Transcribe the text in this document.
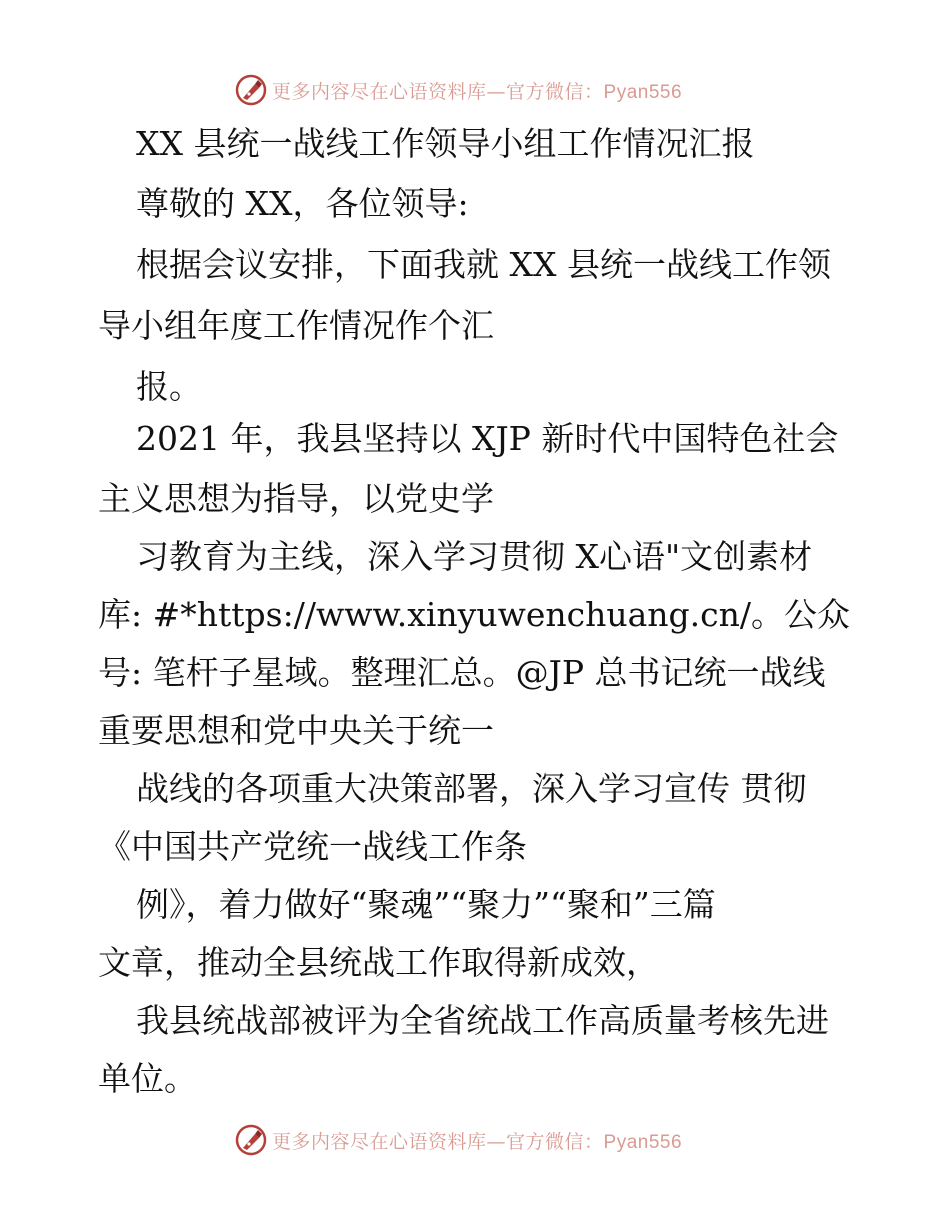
更多内容尽在心语资料库—官方微信：Pyan556
XX 县统一战线工作领导小组工作情况汇报
尊敬的 XX，各位领导:
根据会议安排，下面我就 XX 县统一战线工作领
导小组年度工作情况作个汇
报。
2021 年，我县坚持以 XJP 新时代中国特色社会
主义思想为指导，以党史学
习教育为主线，深入学习贯彻 X心语"文创素材
库: #*https://www.xinyuwenchuang.cn/。公众
号: 笔杆子星域。整理汇总。@JP 总书记统一战线
重要思想和党中央关于统一
战线的各项重大决策部署，深入学习宣传 贯彻
《中国共产党统一战线工作条
例》，着力做好“聚魂”“聚力”“聚和”三篇
文章，推动全县统战工作取得新成效，
我县统战部被评为全省统战工作高质量考核先进
单位。
更多内容尽在心语资料库—官方微信：Pyan556
